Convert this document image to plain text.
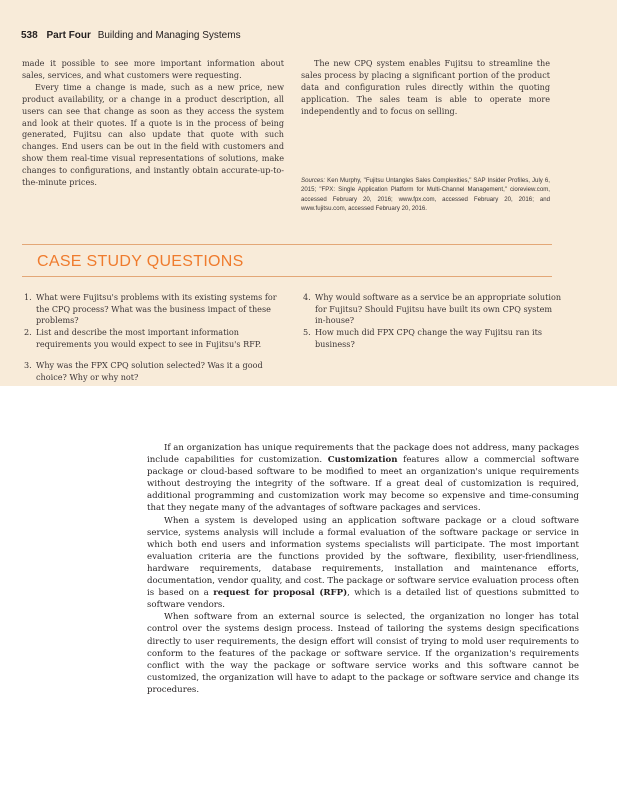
538 Part Four Building and Managing Systems

made it possible to see more important information about sales, services, and what customers were requesting.

Every time a change is made, such as a new price, new product availability, or a change in a product description, all users can see that change as soon as they access the system and look at their quotes. If a quote is in the process of being generated, Fujitsu can also update that quote with such changes. End users can be out in the field with customers and show them real-time visual representations of solutions, make changes to configurations, and instantly obtain accurate-up-to-the-minute prices.

The new CPQ system enables Fujitsu to streamline the sales process by placing a significant portion of the product data and configuration rules directly within the quoting application. The sales team is able to operate more independently and to focus on selling.

Sources: Ken Murphy, "Fujitsu Untangles Sales Complexities," SAP Insider Profiles, July 6, 2015; "FPX: Single Application Platform for Multi-Channel Management," cioreview.com, accessed February 20, 2016; www.fpx.com, accessed February 20, 2016; and www.fujitsu.com, accessed February 20, 2016.
CASE STUDY QUESTIONS
1. What were Fujitsu's problems with its existing systems for the CPQ process? What was the business impact of these problems?
2. List and describe the most important information requirements you would expect to see in Fujitsu's RFP.
3. Why was the FPX CPQ solution selected? Was it a good choice? Why or why not?
4. Why would software as a service be an appropriate solution for Fujitsu? Should Fujitsu have built its own CPQ system in-house?
5. How much did FPX CPQ change the way Fujitsu ran its business?

If an organization has unique requirements that the package does not address, many packages include capabilities for customization. Customization features allow a commercial software package or cloud-based software to be modified to meet an organization's unique requirements without destroying the integrity of the software. If a great deal of customization is required, additional programming and customization work may become so expensive and time-consuming that they negate many of the advantages of software packages and services.

When a system is developed using an application software package or a cloud software service, systems analysis will include a formal evaluation of the software package or service in which both end users and information systems specialists will participate. The most important evaluation criteria are the functions provided by the software, flexibility, user-friendliness, hardware requirements, database requirements, installation and maintenance efforts, documentation, vendor quality, and cost. The package or software service evaluation process often is based on a request for proposal (RFP), which is a detailed list of questions submitted to software vendors.

When software from an external source is selected, the organization no longer has total control over the systems design process. Instead of tailoring the systems design specifications directly to user requirements, the design effort will consist of trying to mold user requirements to conform to the features of the package or software service. If the organization's requirements conflict with the way the package or software service works and this software cannot be customized, the organization will have to adapt to the package or software service and change its procedures.
